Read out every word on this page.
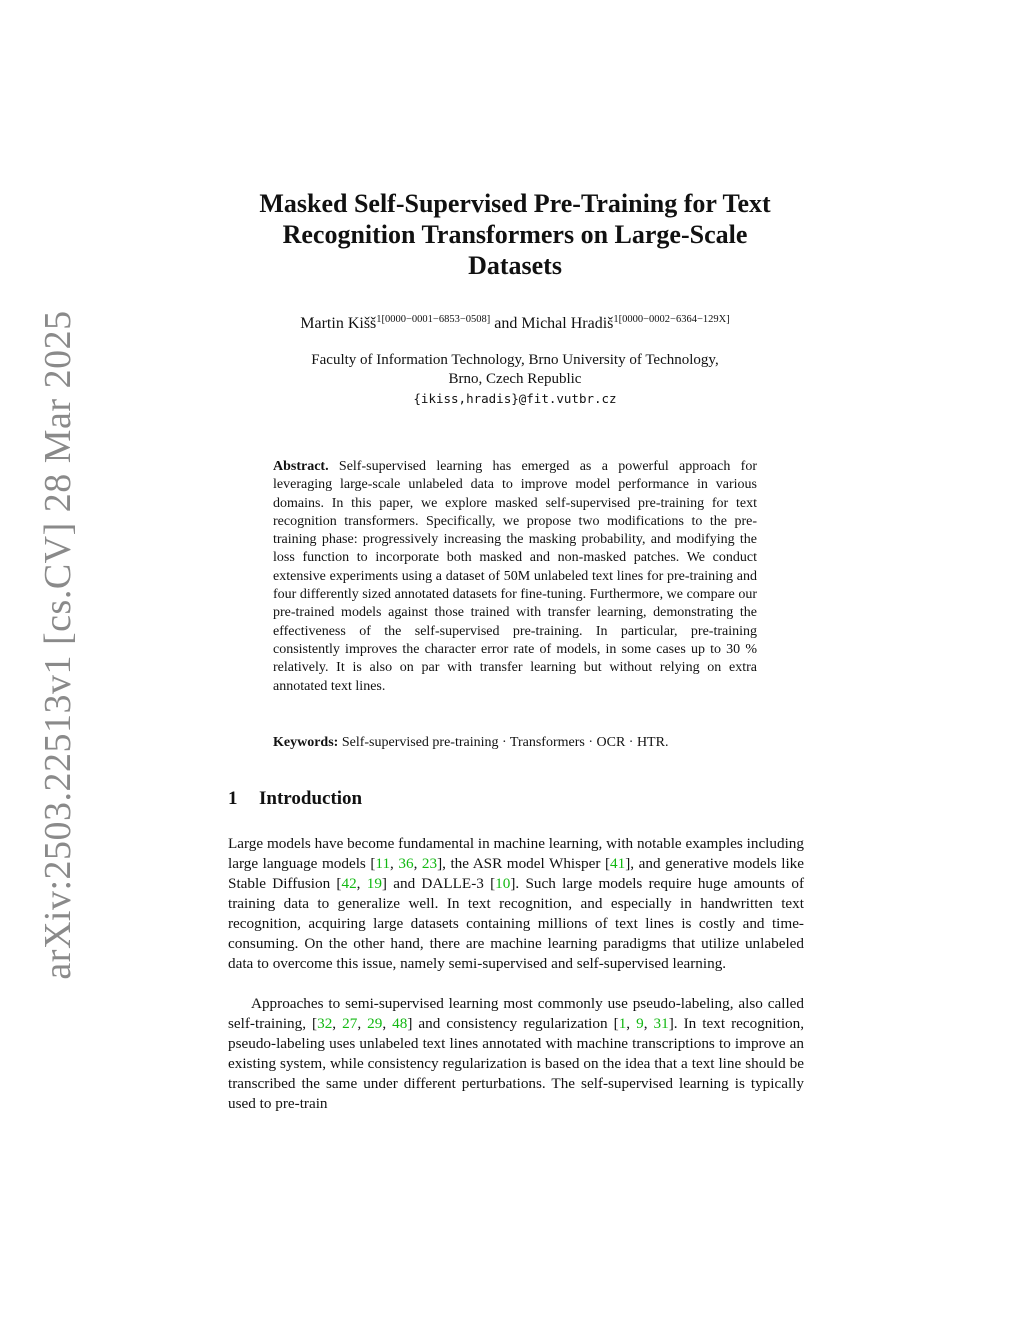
arXiv:2503.22513v1 [cs.CV] 28 Mar 2025
Masked Self-Supervised Pre-Training for Text
Recognition Transformers on Large-Scale
Datasets
Martin Kišš$^{1[0000-0001-6853-0508]}$ and Michal Hradiš$^{1[0000-0002-6364-129X]}$
Faculty of Information Technology, Brno University of Technology,
Brno, Czech Republic
{ikiss,hradis}@fit.vutbr.cz
Abstract. Self-supervised learning has emerged as a powerful approach for leveraging large-scale unlabeled data to improve model performance in various domains. In this paper, we explore masked self-supervised pre-training for text recognition transformers. Specifically, we propose two modifications to the pre-training phase: progressively increasing the masking probability, and modifying the loss function to incorporate both masked and non-masked patches. We conduct extensive experiments using a dataset of 50M unlabeled text lines for pre-training and four differently sized annotated datasets for fine-tuning. Furthermore, we compare our pre-trained models against those trained with transfer learning, demonstrating the effectiveness of the self-supervised pre-training. In particular, pre-training consistently improves the character error rate of models, in some cases up to 30 % relatively. It is also on par with transfer learning but without relying on extra annotated text lines.
Keywords: Self-supervised pre-training · Transformers · OCR · HTR.
1 Introduction
Large models have become fundamental in machine learning, with notable examples including large language models [11, 36, 23], the ASR model Whisper [41], and generative models like Stable Diffusion [42, 19] and DALLE-3 [10]. Such large models require huge amounts of training data to generalize well. In text recognition, and especially in handwritten text recognition, acquiring large datasets containing millions of text lines is costly and time-consuming. On the other hand, there are machine learning paradigms that utilize unlabeled data to overcome this issue, namely semi-supervised and self-supervised learning.
Approaches to semi-supervised learning most commonly use pseudo-labeling, also called self-training, [32, 27, 29, 48] and consistency regularization [1, 9, 31]. In text recognition, pseudo-labeling uses unlabeled text lines annotated with machine transcriptions to improve an existing system, while consistency regularization is based on the idea that a text line should be transcribed the same under different perturbations. The self-supervised learning is typically used to pre-train
